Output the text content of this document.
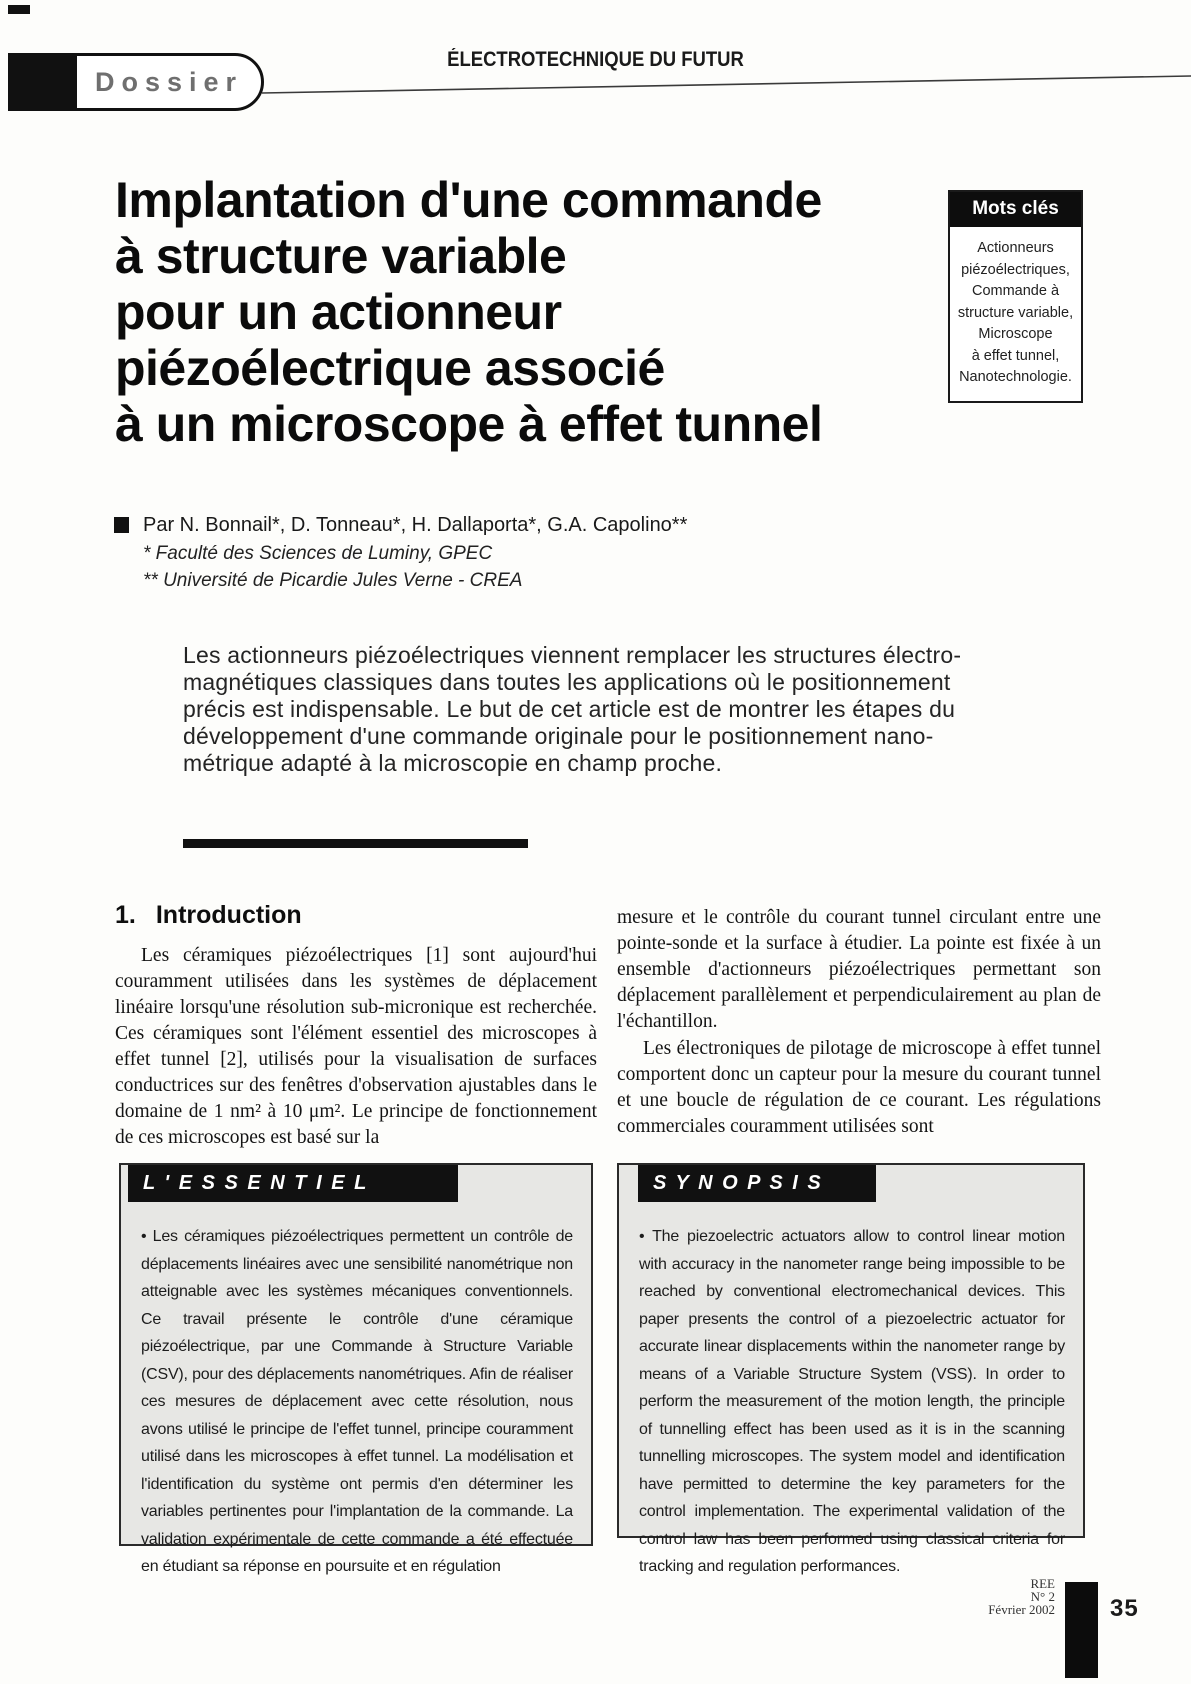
Dossier
ÉLECTROTECHNIQUE DU FUTUR
Implantation d'une commande
à structure variable
pour un actionneur
piézoélectrique associé
à un microscope à effet tunnel
Mots clés
Actionneurs
piézoélectriques,
Commande à
structure variable,
Microscope
à effet tunnel,
Nanotechnologie.
Par N. Bonnail*, D. Tonneau*, H. Dallaporta*, G.A. Capolino**
* Faculté des Sciences de Luminy, GPEC
** Université de Picardie Jules Verne - CREA
Les actionneurs piézoélectriques viennent remplacer les structures électro-magnétiques classiques dans toutes les applications où le positionnement précis est indispensable. Le but de cet article est de montrer les étapes du développement d'une commande originale pour le positionnement nano-métrique adapté à la microscopie en champ proche.
1. Introduction

Les céramiques piézoélectriques [1] sont aujourd'hui couramment utilisées dans les systèmes de déplacement linéaire lorsqu'une résolution sub-micronique est recherchée. Ces céramiques sont l'élément essentiel des microscopes à effet tunnel [2], utilisés pour la visualisation de surfaces conductrices sur des fenêtres d'observation ajustables dans le domaine de 1 nm² à 10 μm². Le principe de fonctionnement de ces microscopes est basé sur la

mesure et le contrôle du courant tunnel circulant entre une pointe-sonde et la surface à étudier. La pointe est fixée à un ensemble d'actionneurs piézoélectriques permettant son déplacement parallèlement et perpendiculairement au plan de l'échantillon.

Les électroniques de pilotage de microscope à effet tunnel comportent donc un capteur pour la mesure du courant tunnel et une boucle de régulation de ce courant. Les régulations commerciales couramment utilisées sont

L ' E S S E N T I E L
• Les céramiques piézoélectriques permettent un contrôle de déplacements linéaires avec une sensibilité nanométrique non atteignable avec les systèmes mécaniques conventionnels. Ce travail présente le contrôle d'une céramique piézoélectrique, par une Commande à Structure Variable (CSV), pour des déplacements nanométriques. Afin de réaliser ces mesures de déplacement avec cette résolution, nous avons utilisé le principe de l'effet tunnel, principe couramment utilisé dans les microscopes à effet tunnel. La modélisation et l'identification du système ont permis d'en déterminer les variables pertinentes pour l'implantation de la commande. La validation expérimentale de cette commande a été effectuée en étudiant sa réponse en poursuite et en régulation
S Y N O P S I S
• The piezoelectric actuators allow to control linear motion with accuracy in the nanometer range being impossible to be reached by conventional electromechanical devices. This paper presents the control of a piezoelectric actuator for accurate linear displacements within the nanometer range by means of a Variable Structure System (VSS). In order to perform the measurement of the motion length, the principle of tunnelling effect has been used as it is in the scanning tunnelling microscopes. The system model and identification have permitted to determine the key parameters for the control implementation. The experimental validation of the control law has been performed using classical criteria for tracking and regulation performances.
REE
N° 2
Février 2002 35
